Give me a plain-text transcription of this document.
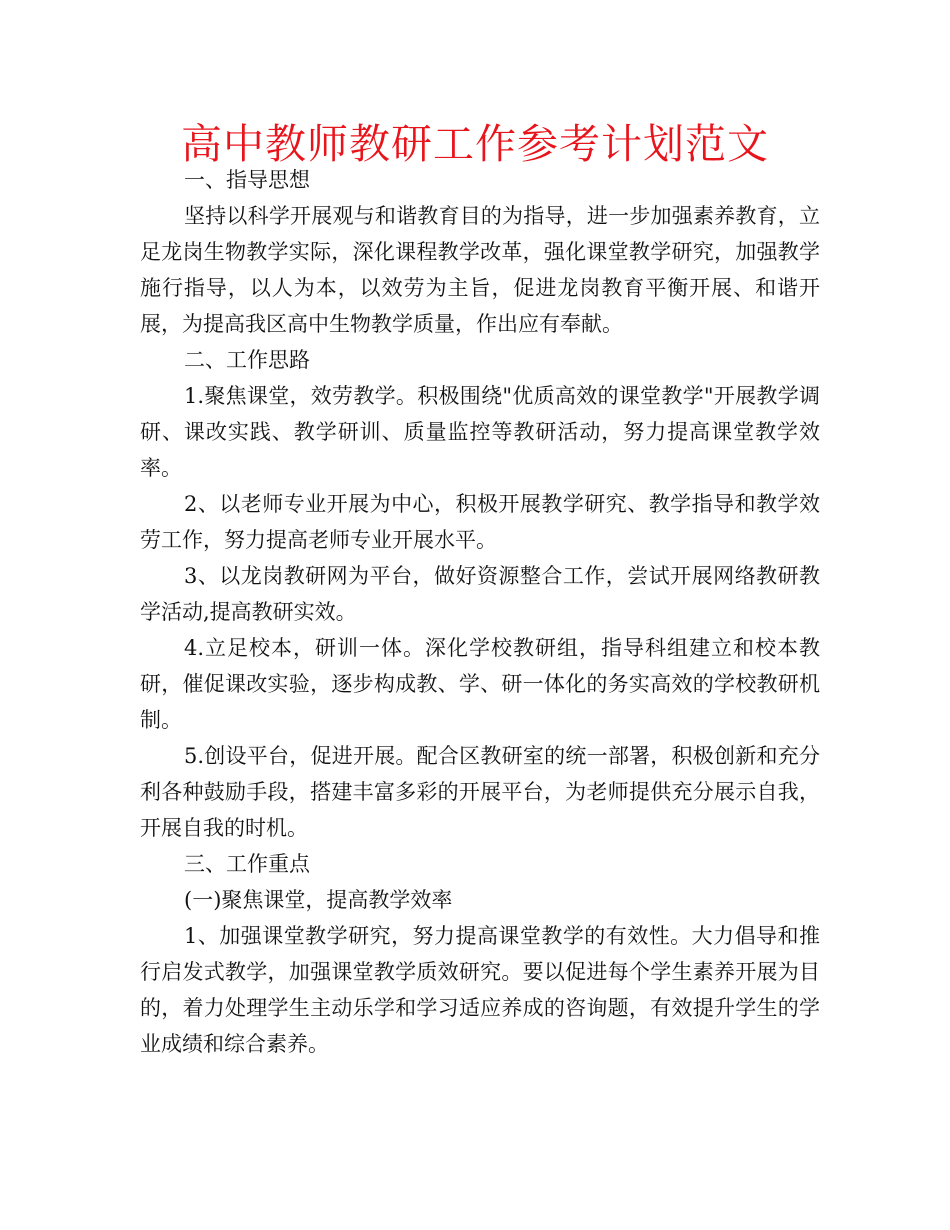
高中教师教研工作参考计划范文

一、指导思想

坚持以科学开展观与和谐教育目的为指导，进一步加强素养教育，立足龙岗生物教学实际，深化课程教学改革，强化课堂教学研究，加强教学施行指导，以人为本，以效劳为主旨，促进龙岗教育平衡开展、和谐开展，为提高我区高中生物教学质量，作出应有奉献。

二、工作思路

1.聚焦课堂，效劳教学。积极围绕"优质高效的课堂教学"开展教学调研、课改实践、教学研训、质量监控等教研活动，努力提高课堂教学效率。

2、以老师专业开展为中心，积极开展教学研究、教学指导和教学效劳工作，努力提高老师专业开展水平。

3、以龙岗教研网为平台，做好资源整合工作，尝试开展网络教研教学活动,提高教研实效。

4.立足校本，研训一体。深化学校教研组，指导科组建立和校本教研，催促课改实验，逐步构成教、学、研一体化的务实高效的学校教研机制。

5.创设平台，促进开展。配合区教研室的统一部署，积极创新和充分利各种鼓励手段，搭建丰富多彩的开展平台，为老师提供充分展示自我，开展自我的时机。

三、工作重点

(一)聚焦课堂，提高教学效率

1、加强课堂教学研究，努力提高课堂教学的有效性。大力倡导和推行启发式教学，加强课堂教学质效研究。要以促进每个学生素养开展为目的，着力处理学生主动乐学和学习适应养成的咨询题，有效提升学生的学业成绩和综合素养。
